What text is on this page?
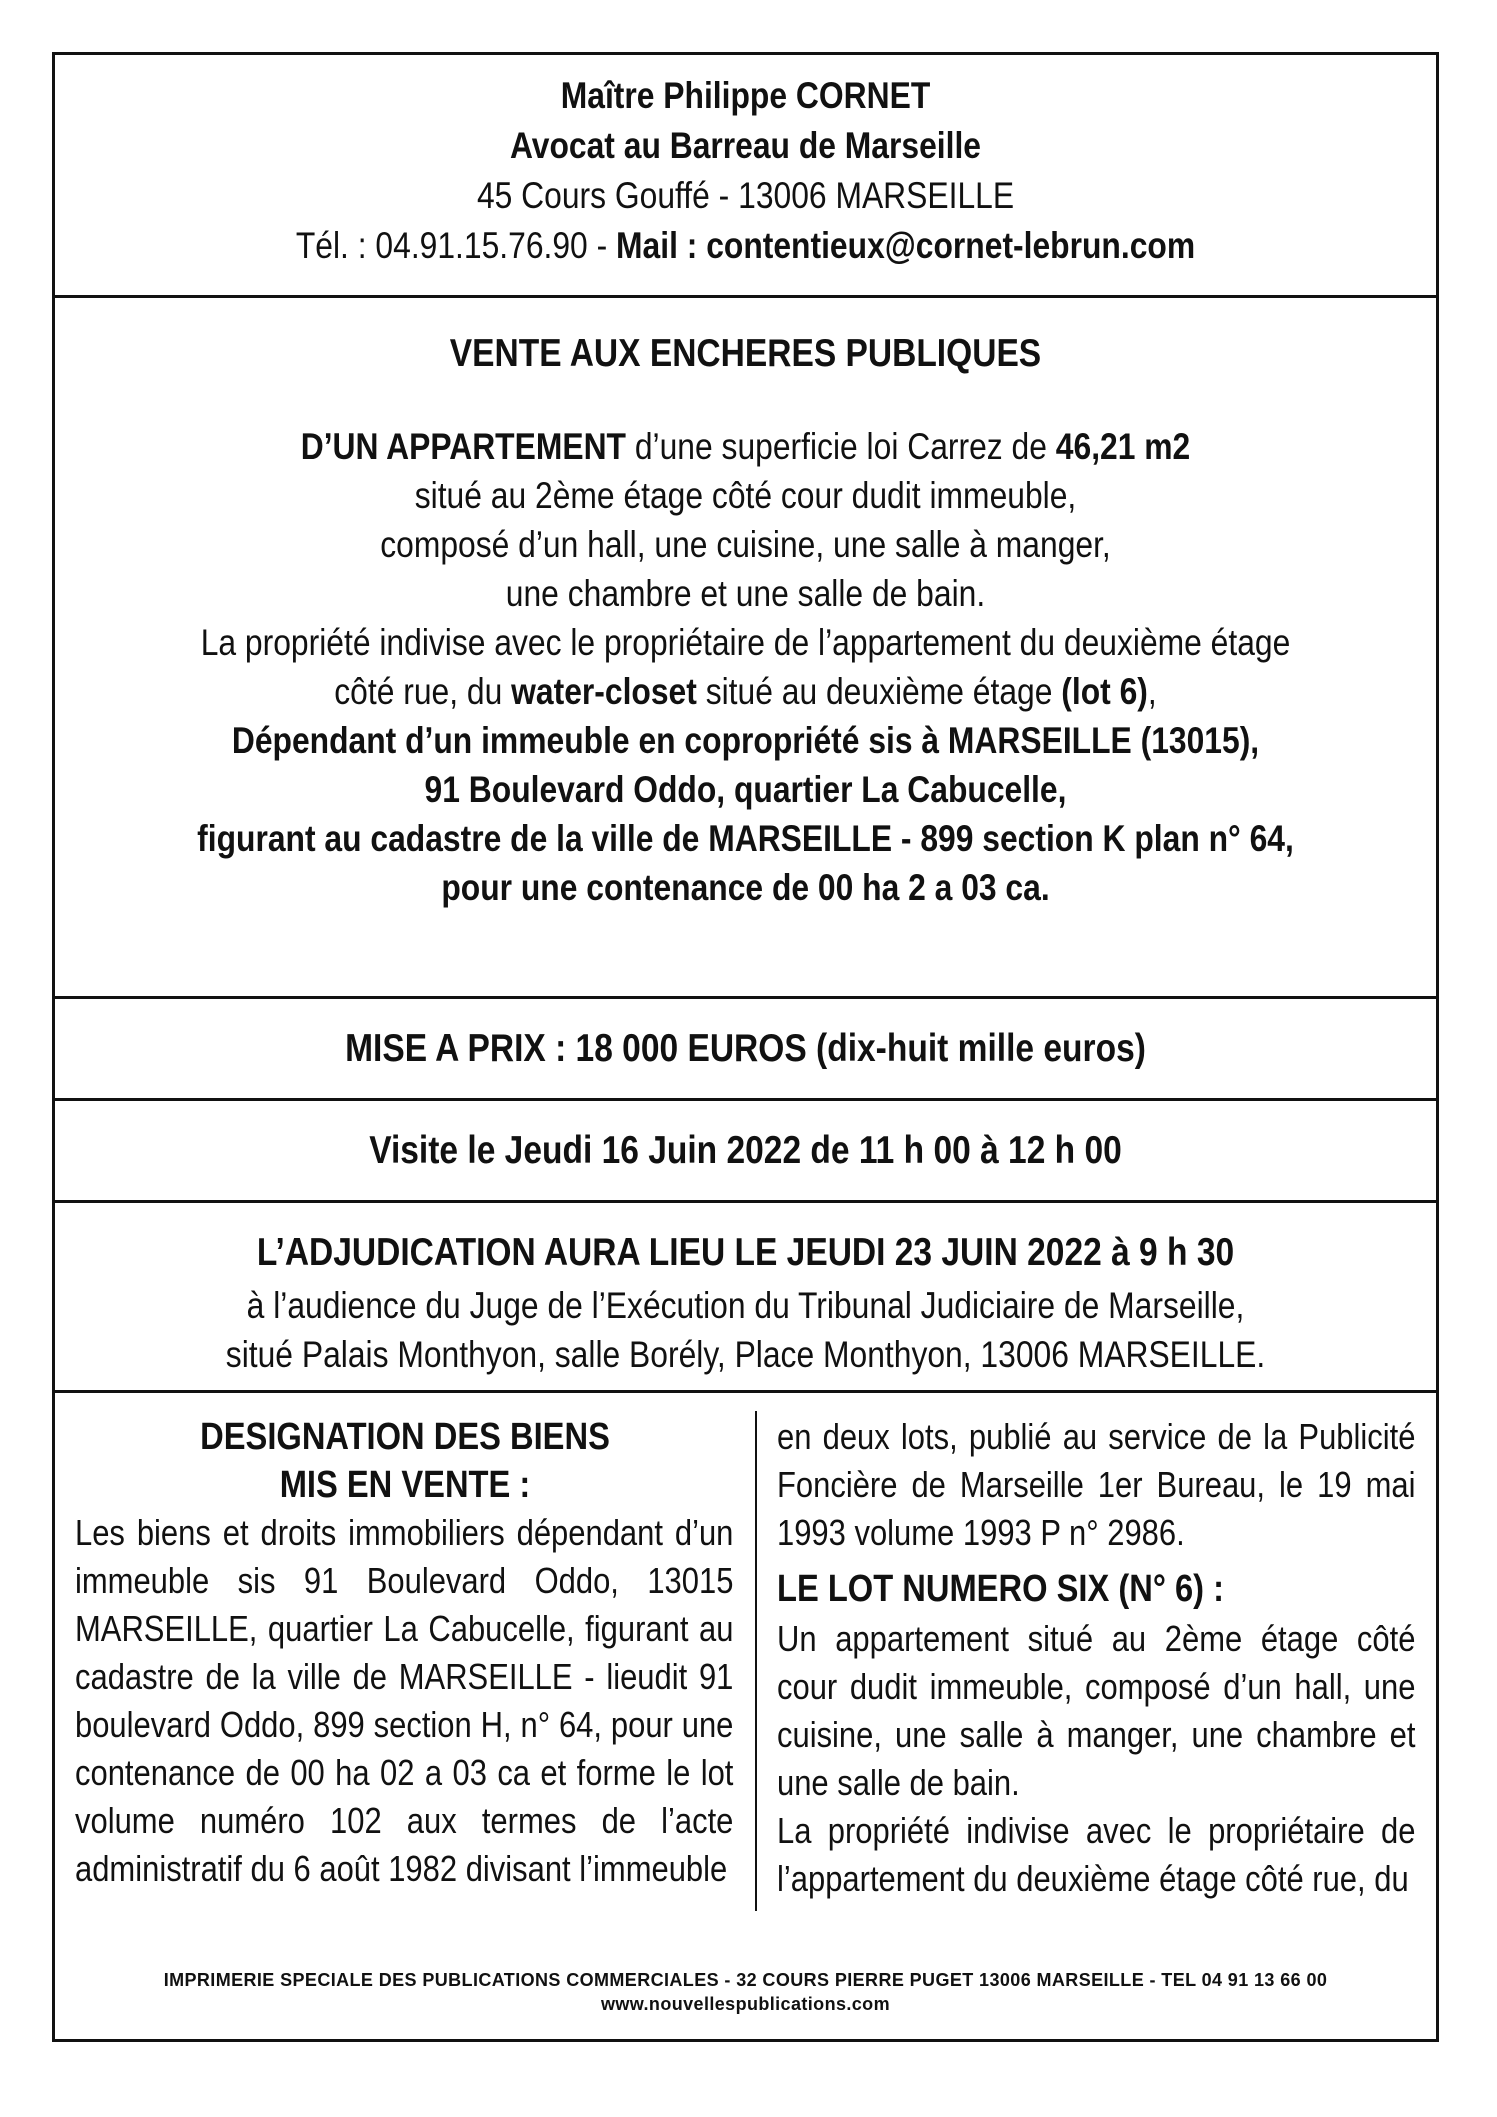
Maître Philippe CORNET
Avocat au Barreau de Marseille
45 Cours Gouffé - 13006 MARSEILLE
Tél. : 04.91.15.76.90 - Mail : contentieux@cornet-lebrun.com
VENTE AUX ENCHERES PUBLIQUES
D’UN APPARTEMENT d’une superficie loi Carrez de 46,21 m2
situé au 2ème étage côté cour dudit immeuble,
composé d’un hall, une cuisine, une salle à manger,
une chambre et une salle de bain.
La propriété indivise avec le propriétaire de l’appartement du deuxième étage
côté rue, du water-closet situé au deuxième étage (lot 6),
Dépendant d’un immeuble en copropriété sis à MARSEILLE (13015),
91 Boulevard Oddo, quartier La Cabucelle,
figurant au cadastre de la ville de MARSEILLE - 899 section K plan n° 64,
pour une contenance de 00 ha 2 a 03 ca.
MISE A PRIX : 18 000 EUROS (dix-huit mille euros)
Visite le Jeudi 16 Juin 2022 de 11 h 00 à 12 h 00
L’ADJUDICATION AURA LIEU LE JEUDI 23 JUIN 2022 à 9 h 30
à l’audience du Juge de l’Exécution du Tribunal Judiciaire de Marseille,
situé Palais Monthyon, salle Borély, Place Monthyon, 13006 MARSEILLE.
DESIGNATION DES BIENS
MIS EN VENTE :
Les biens et droits immobiliers dépendant d’un immeuble sis 91 Boulevard Oddo, 13015 MARSEILLE, quartier La Cabucelle, figurant au cadastre de la ville de MARSEILLE - lieudit 91 boulevard Oddo, 899 section H, n° 64, pour une contenance de 00 ha 02 a 03 ca et forme le lot volume numéro 102 aux termes de l’acte administratif du 6 août 1982 divisant l’immeuble
en deux lots, publié au service de la Publicité Foncière de Marseille 1er Bureau, le 19 mai 1993 volume 1993 P n° 2986.
LE LOT NUMERO SIX (N° 6) :
Un appartement situé au 2ème étage côté cour dudit immeuble, composé d’un hall, une cuisine, une salle à manger, une chambre et une salle de bain.
La propriété indivise avec le propriétaire de l’appartement du deuxième étage côté rue, du
IMPRIMERIE SPECIALE DES PUBLICATIONS COMMERCIALES - 32 COURS PIERRE PUGET 13006 MARSEILLE - TEL 04 91 13 66 00
www.nouvellespublications.com
